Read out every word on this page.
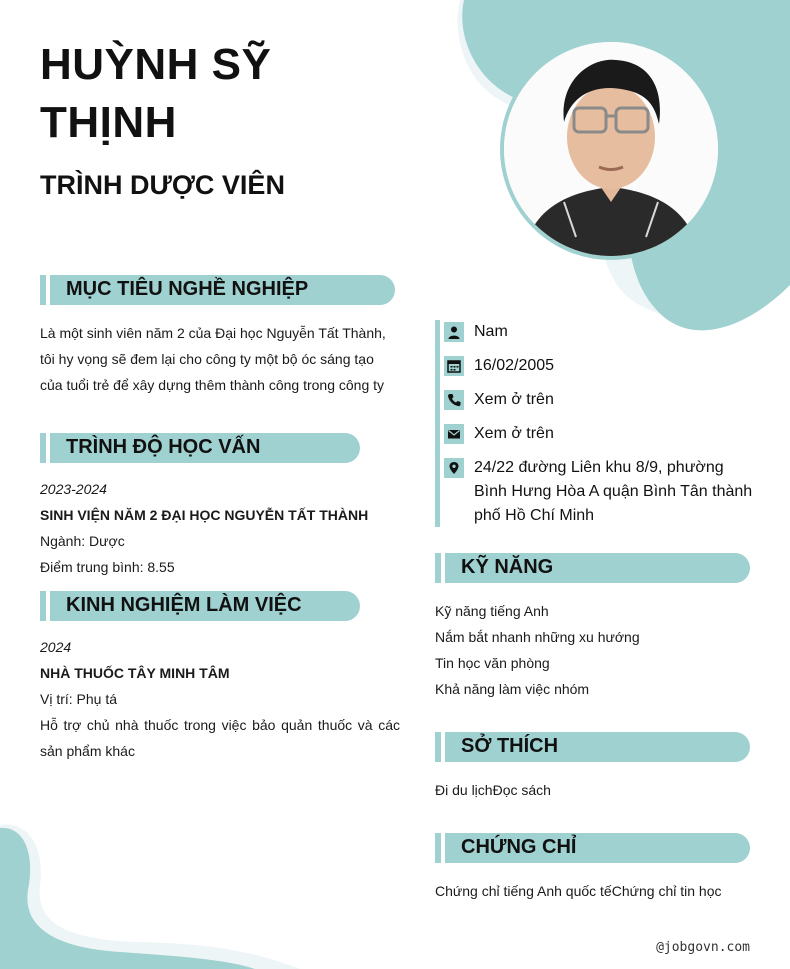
HUỲNH SỸ
THỊNH
TRÌNH DƯỢC VIÊN
MỤC TIÊU NGHỀ NGHIỆP
Là một sinh viên năm 2 của Đại học Nguyễn Tất Thành,
tôi hy vọng sẽ đem lại cho công ty một bộ óc sáng tạo
của tuổi trẻ để xây dựng thêm thành công trong công ty
TRÌNH ĐỘ HỌC VẤN
2023-2024
SINH VIỆN NĂM 2 ĐẠI HỌC NGUYỄN TẤT THÀNH
Ngành: Dược
Điểm trung bình: 8.55
KINH NGHIỆM LÀM VIỆC
2024
NHÀ THUỐC TÂY MINH TÂM
Vị trí: Phụ tá
Hỗ trợ chủ nhà thuốc trong việc bảo quản thuốc và các
sản phẩm khác
Nam
16/02/2005
Xem ở trên
Xem ở trên
24/22 đường Liên khu 8/9, phường Bình Hưng Hòa A quận Bình Tân thành phố Hồ Chí Minh
KỸ NĂNG
Kỹ năng tiếng Anh
Nắm bắt nhanh những xu hướng
Tin học văn phòng
Khả năng làm việc nhóm
SỞ THÍCH
Đi du lịchĐọc sách
CHỨNG CHỈ
Chứng chỉ tiếng Anh quốc tếChứng chỉ tin học
@jobgovn.com
